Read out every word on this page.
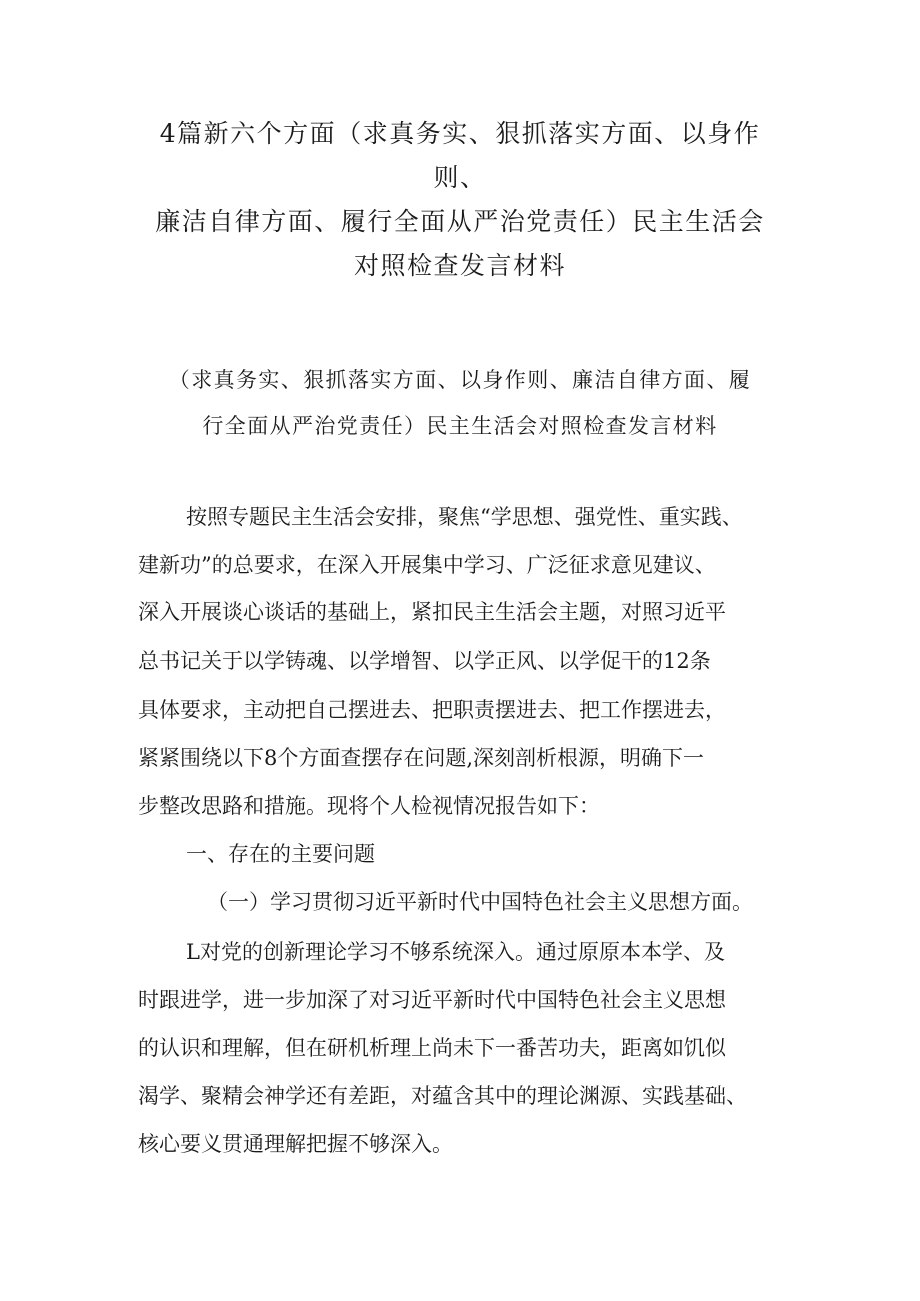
4篇新六个方面（求真务实、狠抓落实方面、以身作
则、
廉洁自律方面、履行全面从严治党责任）民主生活会
对照检查发言材料
（求真务实、狠抓落实方面、以身作则、廉洁自律方面、履
行全面从严治党责任）民主生活会对照检查发言材料
按照专题民主生活会安排，聚焦“学思想、强党性、重实践、
建新功”的总要求，在深入开展集中学习、广泛征求意见建议、
深入开展谈心谈话的基础上，紧扣民主生活会主题，对照习近平
总书记关于以学铸魂、以学增智、以学正风、以学促干的12条
具体要求，主动把自己摆进去、把职责摆进去、把工作摆进去，
紧紧围绕以下8个方面查摆存在问题,深刻剖析根源，明确下一
步整改思路和措施。现将个人检视情况报告如下：
一、存在的主要问题
（一）学习贯彻习近平新时代中国特色社会主义思想方面。
L对党的创新理论学习不够系统深入。通过原原本本学、及
时跟进学，进一步加深了对习近平新时代中国特色社会主义思想
的认识和理解，但在研机析理上尚未下一番苦功夫，距离如饥似
渴学、聚精会神学还有差距，对蕴含其中的理论渊源、实践基础、
核心要义贯通理解把握不够深入。
